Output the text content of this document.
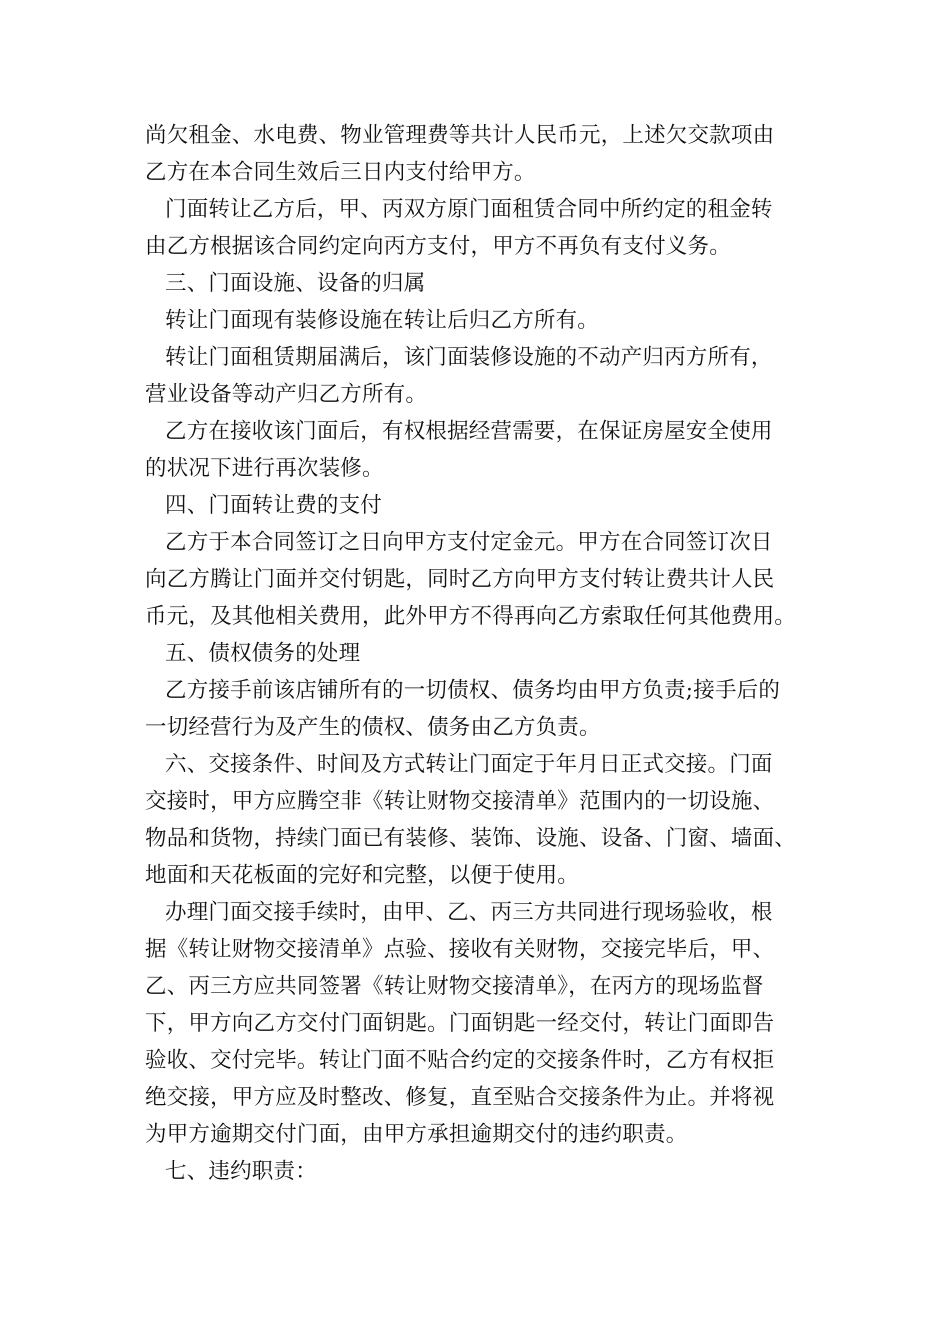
尚欠租金、水电费、物业管理费等共计人民币元，上述欠交款项由
乙方在本合同生效后三日内支付给甲方。
门面转让乙方后，甲、丙双方原门面租赁合同中所约定的租金转
由乙方根据该合同约定向丙方支付，甲方不再负有支付义务。
三、门面设施、设备的归属
转让门面现有装修设施在转让后归乙方所有。
转让门面租赁期届满后，该门面装修设施的不动产归丙方所有，
营业设备等动产归乙方所有。
乙方在接收该门面后，有权根据经营需要，在保证房屋安全使用
的状况下进行再次装修。
四、门面转让费的支付
乙方于本合同签订之日向甲方支付定金元。甲方在合同签订次日
向乙方腾让门面并交付钥匙，同时乙方向甲方支付转让费共计人民
币元，及其他相关费用，此外甲方不得再向乙方索取任何其他费用。
五、债权债务的处理
乙方接手前该店铺所有的一切债权、债务均由甲方负责;接手后的
一切经营行为及产生的债权、债务由乙方负责。
六、交接条件、时间及方式转让门面定于年月日正式交接。门面
交接时，甲方应腾空非《转让财物交接清单》范围内的一切设施、
物品和货物，持续门面已有装修、装饰、设施、设备、门窗、墙面、
地面和天花板面的完好和完整，以便于使用。
办理门面交接手续时，由甲、乙、丙三方共同进行现场验收，根
据《转让财物交接清单》点验、接收有关财物，交接完毕后，甲、
乙、丙三方应共同签署《转让财物交接清单》，在丙方的现场监督
下，甲方向乙方交付门面钥匙。门面钥匙一经交付，转让门面即告
验收、交付完毕。转让门面不贴合约定的交接条件时，乙方有权拒
绝交接，甲方应及时整改、修复，直至贴合交接条件为止。并将视
为甲方逾期交付门面，由甲方承担逾期交付的违约职责。
七、违约职责：
